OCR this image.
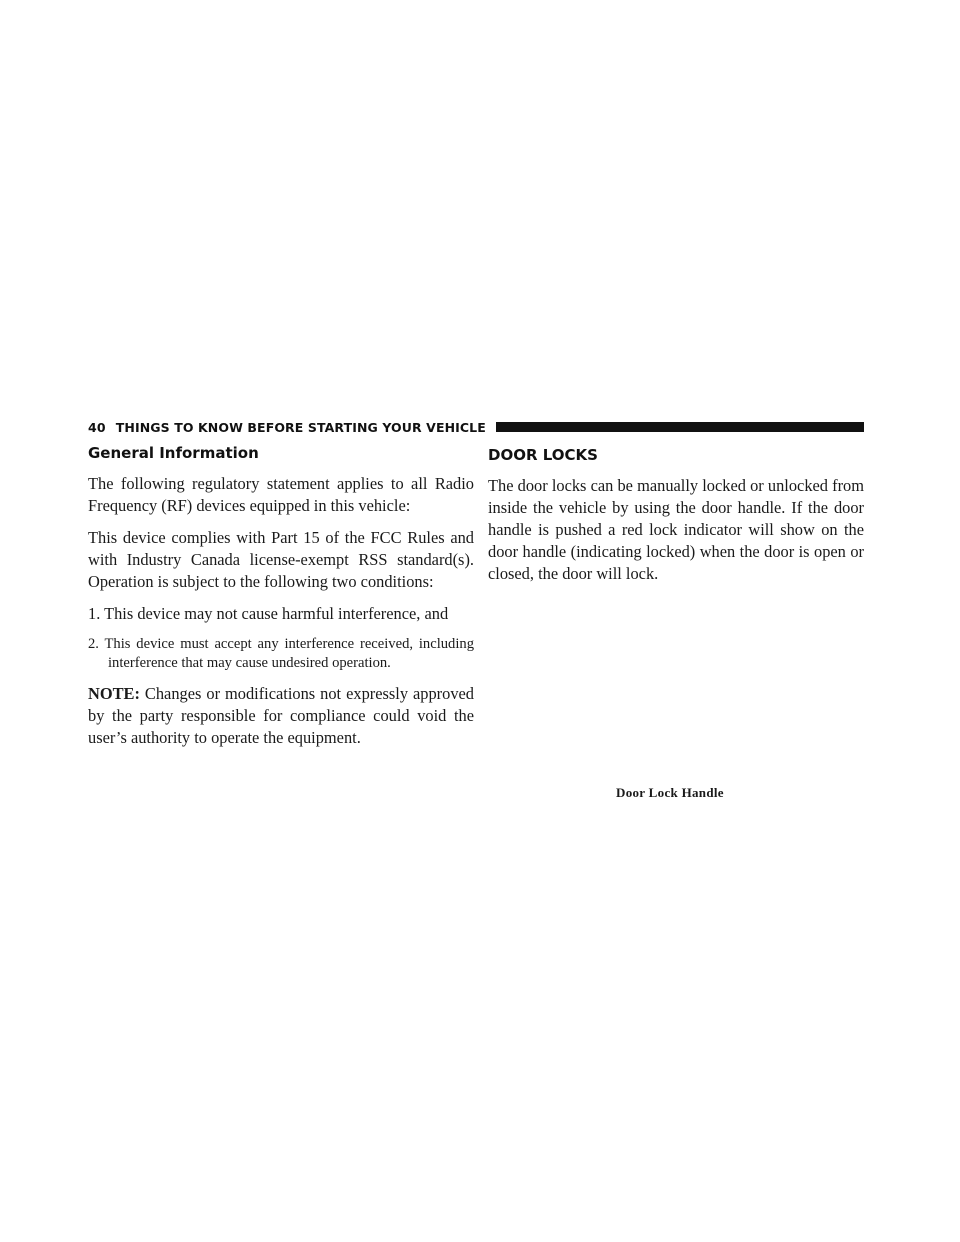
40 THINGS TO KNOW BEFORE STARTING YOUR VEHICLE
General Information

The following regulatory statement applies to all Radio Frequency (RF) devices equipped in this vehicle:

This device complies with Part 15 of the FCC Rules and with Industry Canada license-exempt RSS standard(s). Operation is subject to the following two conditions:

1. This device may not cause harmful interference, and
2. This device must accept any interference received, including interference that may cause undesired operation.

NOTE: Changes or modifications not expressly approved by the party responsible for compliance could void the user’s authority to operate the equipment.

DOOR LOCKS

The door locks can be manually locked or unlocked from inside the vehicle by using the door handle. If the door handle is pushed a red lock indicator will show on the door handle (indicating locked) when the door is open or closed, the door will lock.

Door Lock Handle
